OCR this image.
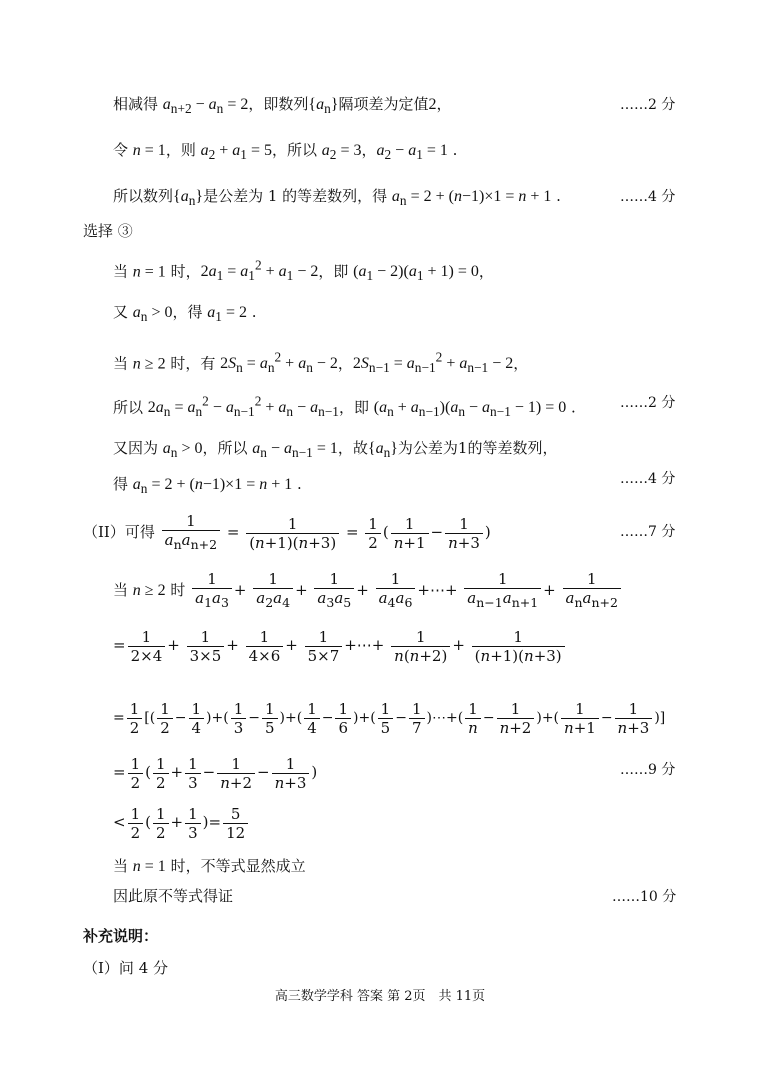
相减得 $a_{n+2} - a_n = 2$，即数列$\{a_n\}$隔项差为定值2，	……2 分
令 n = 1，则 $a_2 + a_1 = 5$，所以 $a_2 = 3$，$a_2 - a_1 = 1$ .
所以数列$\{a_n\}$是公差为 1 的等差数列，得 $a_n = 2 + (n-1)\times 1 = n + 1$ .	……4 分
选择 ③
当 n = 1 时，$2a_1 = a_1^2 + a_1 - 2$，即 $(a_1 - 2)(a_1 + 1) = 0$，
又 $a_n > 0$，得 $a_1 = 2$ .
当 n ≥ 2 时，有 $2S_n = a_n^2 + a_n - 2$，$2S_{n-1} = a_{n-1}^2 + a_{n-1} - 2$，
所以 $2a_n = a_n^2 - a_{n-1}^2 + a_n - a_{n-1}$，即 $(a_n + a_{n-1})(a_n - a_{n-1} - 1) = 0$ .	……2 分
又因为 $a_n > 0$，所以 $a_n - a_{n-1} = 1$，故$\{a_n\}$为公差为1的等差数列，
得 $a_n = 2 + (n-1)\times 1 = n + 1$ .	……4 分
（II）可得 $\frac{1}{a_na_{n+2}} = \frac{1}{(n+1)(n+3)} = \frac{1}{2}$ ( $\frac{1}{n+1} - \frac{1}{n+3}$ )	……7 分
当 n ≥ 2 时 $\frac{1}{a_1a_3} + \frac{1}{a_2a_4} + \frac{1}{a_3a_5} + \frac{1}{a_4a_6}$ +⋯+ $\frac{1}{a_{n-1}a_{n+1}} + \frac{1}{a_na_{n+2}}$
= $\frac{1}{2\times 4} + \frac{1}{3\times 5} + \frac{1}{4\times 6} + \frac{1}{5\times 7}$ +⋯+ $\frac{1}{n(n+2)} + \frac{1}{(n+1)(n+3)}$
= $\frac{1}{2}$ [( $\frac{1}{2} - \frac{1}{4}$ )+( $\frac{1}{3} - \frac{1}{5}$ )+( $\frac{1}{4} - \frac{1}{6}$ )+( $\frac{1}{5} - \frac{1}{7}$ )⋯+( $\frac{1}{n} - \frac{1}{n+2}$ )+( $\frac{1}{n+1} - \frac{1}{n+3}$ )]
= $\frac{1}{2}$ ( $\frac{1}{2} + \frac{1}{3} - \frac{1}{n+2} - \frac{1}{n+3}$ )	……9 分
< $\frac{1}{2}$ ( $\frac{1}{2} + \frac{1}{3}$ )= $\frac{5}{12}$
当 n = 1 时，不等式显然成立
因此原不等式得证	……10 分
补充说明：
（I）问 4 分
高三数学学科 答案 第 2页　共 11页
